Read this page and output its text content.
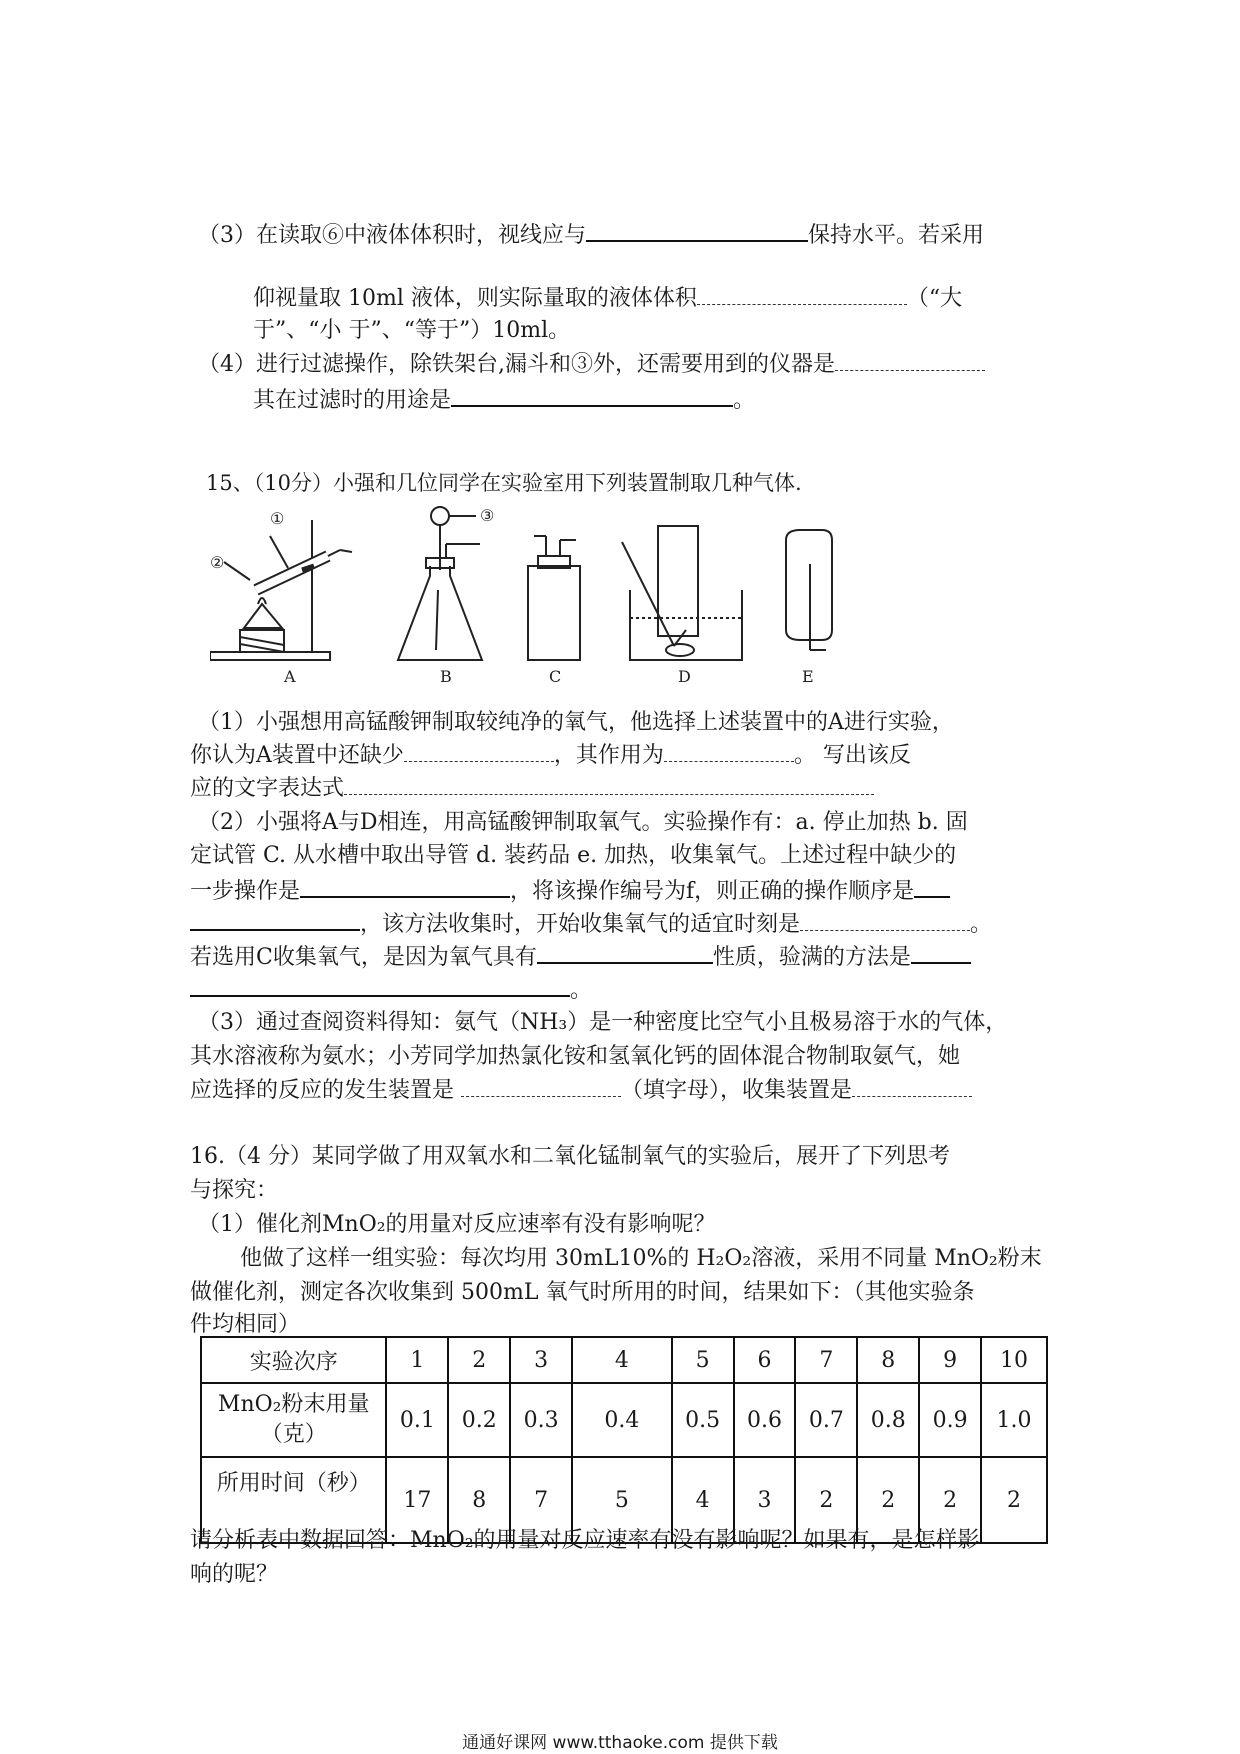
（3）在读取⑥中液体体积时，视线应与	保持水平。若采用
仰视量取 10ml 液体，则实际量取的液体体积	（“大
于”、“小 于”、“等于”）10ml。
（4）进行过滤操作，除铁架台,漏斗和③外，还需要用到的仪器是
其在过滤时的用途是	。
15、（10分）小强和几位同学在实验室用下列装置制取几种气体.
①
②
③
A	B	C	D	E
（1）小强想用高锰酸钾制取较纯净的氧气，他选择上述装置中的A进行实验，
你认为A装置中还缺少	，其作用为	。 写出该反
应的文字表达式
（2）小强将A与D相连，用高锰酸钾制取氧气。实验操作有：a. 停止加热 b. 固
定试管 C. 从水槽中取出导管 d. 装药品 e. 加热，收集氧气。上述过程中缺少的
一步操作是	，将该操作编号为f，则正确的操作顺序是
，该方法收集时，开始收集氧气的适宜时刻是	。
若选用C收集氧气，是因为氧气具有	性质，验满的方法是
。
（3）通过查阅资料得知：氨气（NH₃）是一种密度比空气小且极易溶于水的气体，
其水溶液称为氨水；小芳同学加热氯化铵和氢氧化钙的固体混合物制取氨气，她
应选择的反应的发生装置是	（填字母），收集装置是
16.（4 分）某同学做了用双氧水和二氧化锰制氧气的实验后，展开了下列思考
与探究：
（1）催化剂MnO₂的用量对反应速率有没有影响呢？
他做了这样一组实验：每次均用 30mL10%的 H₂O₂溶液，采用不同量 MnO₂粉末
做催化剂，测定各次收集到 500mL 氧气时所用的时间，结果如下：（其他实验条
件均相同）
实验次序	1	2	3	4	5	6	7	8	9	10

MnO₂粉末用量
（克）	0.1	0.2	0.3	0.4	0.5	0.6	0.7	0.8	0.9	1.0
所用时间（秒）	17	8	7	5	4	3	2	2	2	2
请分析表中数据回答：MnO₂的用量对反应速率有没有影响呢？如果有，是怎样影
响的呢？
通通好课网 www.tthaoke.com 提供下载
